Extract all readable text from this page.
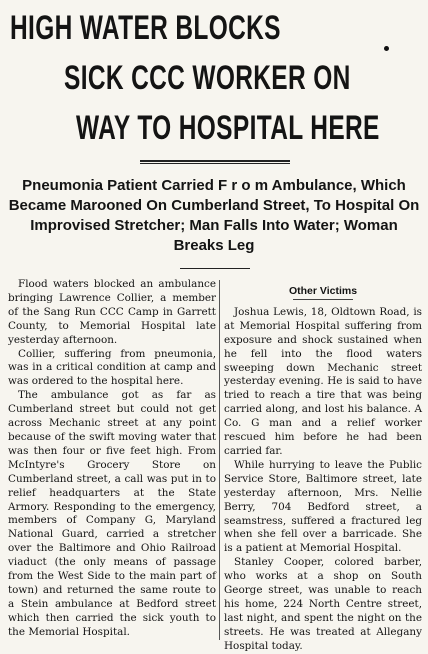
HIGH WATER BLOCKS
SICK CCC WORKER ON
WAY TO HOSPITAL HERE
Pneumonia Patient Carried F r o m Ambulance, Which Became Marooned On Cumberland Street, To Hospital On Improvised Stretcher; Man Falls Into Water; Woman Breaks Leg

Flood waters blocked an ambulance bringing Lawrence Collier, a member of the Sang Run CCC Camp in Garrett County, to Memorial Hospital late yesterday afternoon.

Collier, suffering from pneumonia, was in a critical condition at camp and was ordered to the hospital here.

The ambulance got as far as Cumberland street but could not get across Mechanic street at any point because of the swift moving water that was then four or five feet high. From McIntyre's Grocery Store on Cumberland street, a call was put in to relief headquarters at the State Armory. Responding to the emergency, members of Company G, Maryland National Guard, carried a stretcher over the Baltimore and Ohio Railroad viaduct (the only means of passage from the West Side to the main part of town) and returned the same route to a Stein ambulance at Bedford street which then carried the sick youth to the Memorial Hospital.

Other Victims

Joshua Lewis, 18, Oldtown Road, is at Memorial Hospital suffering from exposure and shock sustained when he fell into the flood waters sweeping down Mechanic street yesterday evening. He is said to have tried to reach a tire that was being carried along, and lost his balance. A Co. G man and a relief worker rescued him before he had been carried far.

While hurrying to leave the Public Service Store, Baltimore street, late yesterday afternoon, Mrs. Nellie Berry, 704 Bedford street, a seamstress, suffered a fractured leg when she fell over a barricade. She is a patient at Memorial Hospital.

Stanley Cooper, colored barber, who works at a shop on South George street, was unable to reach his home, 224 North Centre street, last night, and spent the night on the streets. He was treated at Allegany Hospital today.
